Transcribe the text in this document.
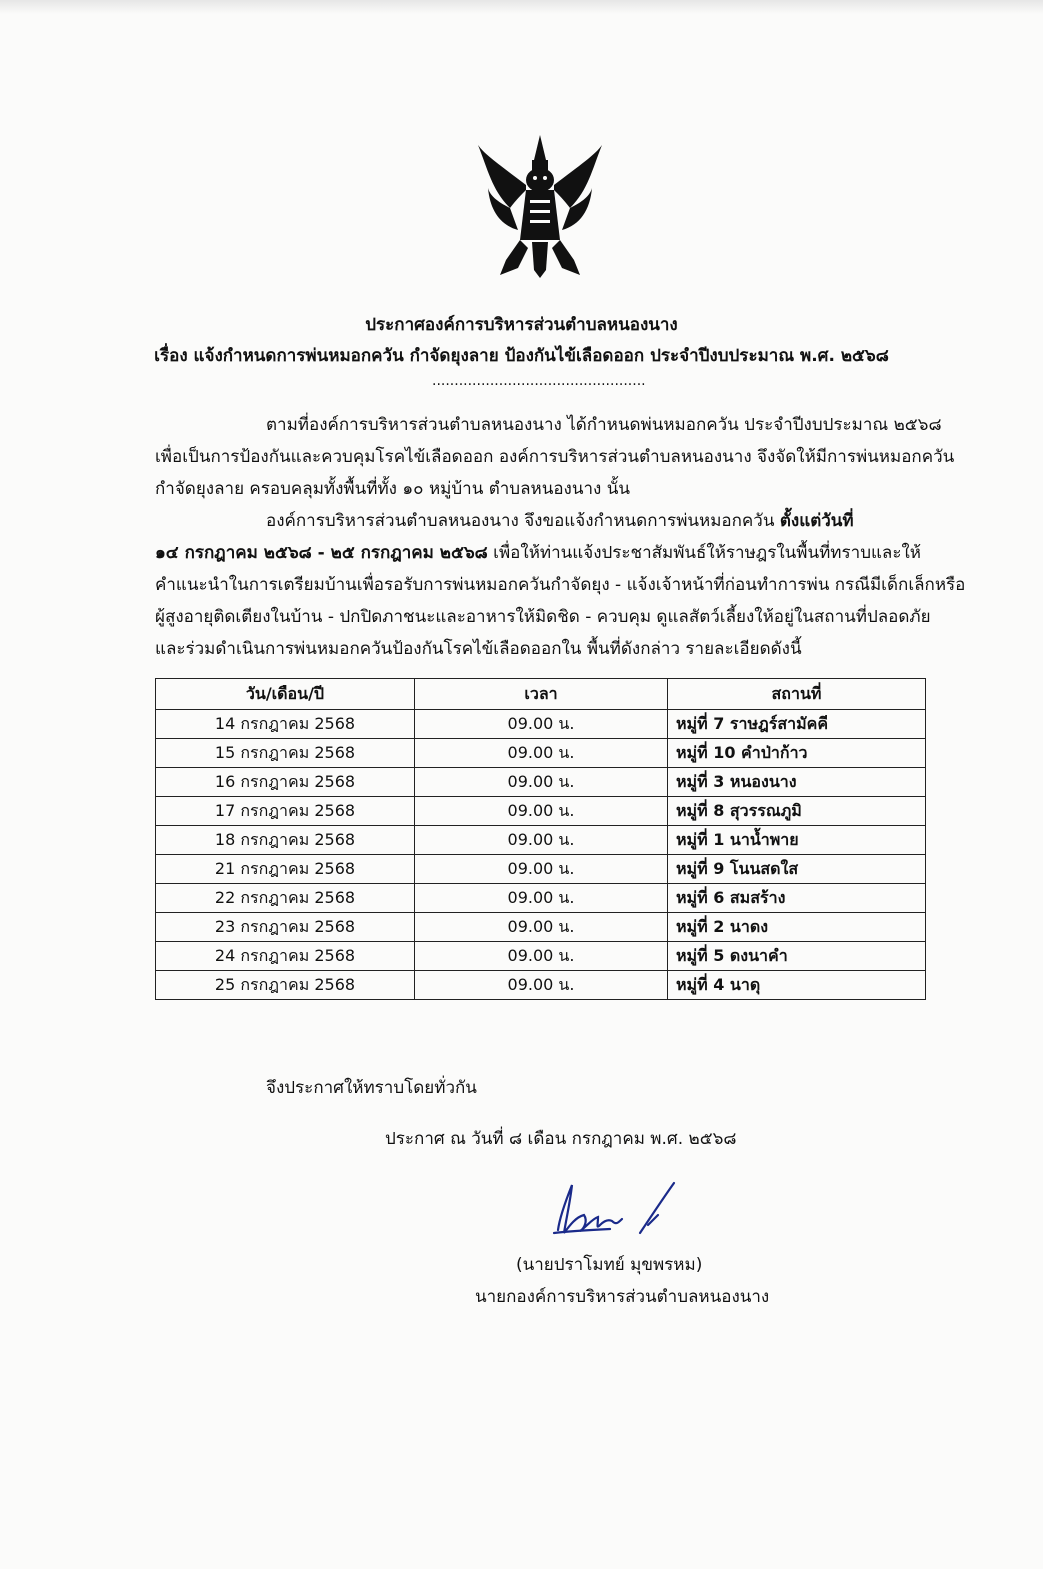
ประกาศองค์การบริหารส่วนตำบลหนองนาง
เรื่อง แจ้งกำหนดการพ่นหมอกควัน กำจัดยุงลาย ป้องกันไข้เลือดออก ประจำปีงบประมาณ พ.ศ. ๒๕๖๘
................................................
ตามที่องค์การบริหารส่วนตำบลหนองนาง ได้กำหนดพ่นหมอกควัน ประจำปีงบประมาณ ๒๕๖๘
เพื่อเป็นการป้องกันและควบคุมโรคไข้เลือดออก องค์การบริหารส่วนตำบลหนองนาง จึงจัดให้มีการพ่นหมอกควัน
กำจัดยุงลาย ครอบคลุมทั้งพื้นที่ทั้ง ๑๐ หมู่บ้าน ตำบลหนองนาง นั้น
องค์การบริหารส่วนตำบลหนองนาง จึงขอแจ้งกำหนดการพ่นหมอกควัน ตั้งแต่วันที่
๑๔ กรกฎาคม ๒๕๖๘ - ๒๕ กรกฎาคม ๒๕๖๘ เพื่อให้ท่านแจ้งประชาสัมพันธ์ให้ราษฎรในพื้นที่ทราบและให้
คำแนะนำในการเตรียมบ้านเพื่อรอรับการพ่นหมอกควันกำจัดยุง - แจ้งเจ้าหน้าที่ก่อนทำการพ่น กรณีมีเด็กเล็กหรือ
ผู้สูงอายุติดเตียงในบ้าน - ปกปิดภาชนะและอาหารให้มิดชิด - ควบคุม ดูแลสัตว์เลี้ยงให้อยู่ในสถานที่ปลอดภัย
และร่วมดำเนินการพ่นหมอกควันป้องกันโรคไข้เลือดออกใน พื้นที่ดังกล่าว รายละเอียดดังนี้
วัน/เดือน/ปี	เวลา	สถานที่
14 กรกฎาคม 2568	09.00 น.	หมู่ที่ 7 ราษฎร์สามัคคี
15 กรกฎาคม 2568	09.00 น.	หมู่ที่ 10 คำป่าก้าว
16 กรกฎาคม 2568	09.00 น.	หมู่ที่ 3 หนองนาง
17 กรกฎาคม 2568	09.00 น.	หมู่ที่ 8 สุวรรณภูมิ
18 กรกฎาคม 2568	09.00 น.	หมู่ที่ 1 นาน้ำพาย
21 กรกฎาคม 2568	09.00 น.	หมู่ที่ 9 โนนสดใส
22 กรกฎาคม 2568	09.00 น.	หมู่ที่ 6 สมสร้าง
23 กรกฎาคม 2568	09.00 น.	หมู่ที่ 2 นาดง
24 กรกฎาคม 2568	09.00 น.	หมู่ที่ 5 ดงนาคำ
25 กรกฎาคม 2568	09.00 น.	หมู่ที่ 4 นาดุ
จึงประกาศให้ทราบโดยทั่วกัน
ประกาศ ณ วันที่ ๘ เดือน กรกฎาคม พ.ศ. ๒๕๖๘
(นายปราโมทย์ มุขพรหม)
นายกองค์การบริหารส่วนตำบลหนองนาง
